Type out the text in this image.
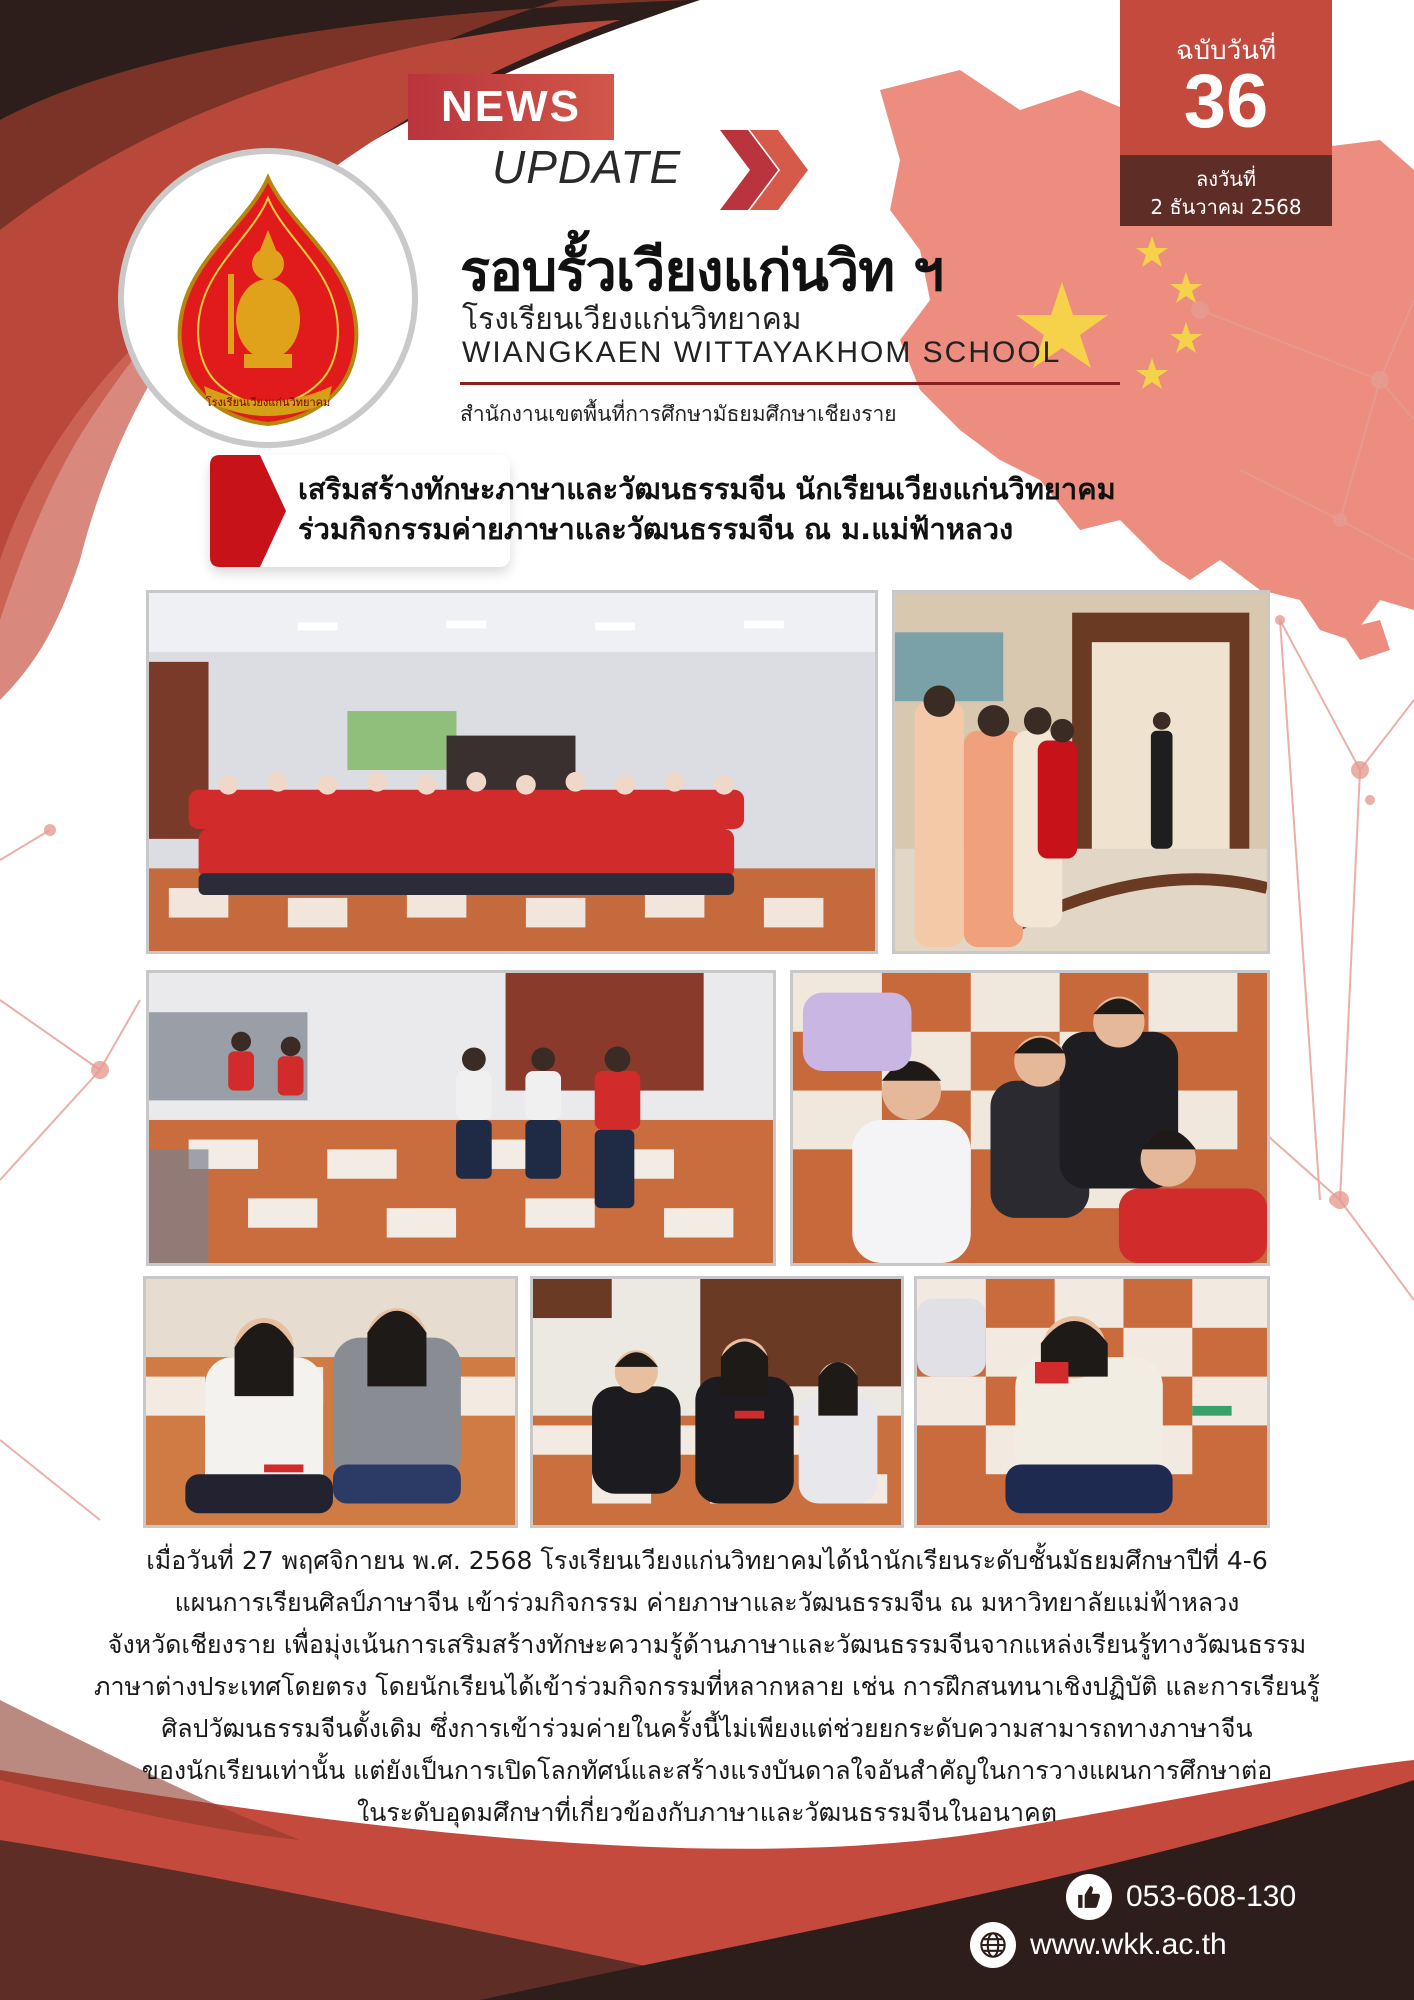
NEWS
UPDATE
โรงเรียนเวียงแก่นวิทยาคม
ฉบับวันที่
36
ลงวันที่
2 ธันวาคม 2568
รอบรั้วเวียงแก่นวิท ฯ
โรงเรียนเวียงแก่นวิทยาคม
WIANGKAEN WITTAYAKHOM SCHOOL
สำนักงานเขตพื้นที่การศึกษามัธยมศึกษาเชียงราย
เสริมสร้างทักษะภาษาและวัฒนธรรมจีน นักเรียนเวียงแก่นวิทยาคม
ร่วมกิจกรรมค่ายภาษาและวัฒนธรรมจีน ณ ม.แม่ฟ้าหลวง
เมื่อวันที่ 27 พฤศจิกายน พ.ศ. 2568 โรงเรียนเวียงแก่นวิทยาคมได้นำนักเรียนระดับชั้นมัธยมศึกษาปีที่ 4-6
แผนการเรียนศิลป์ภาษาจีน เข้าร่วมกิจกรรม ค่ายภาษาและวัฒนธรรมจีน ณ มหาวิทยาลัยแม่ฟ้าหลวง
จังหวัดเชียงราย เพื่อมุ่งเน้นการเสริมสร้างทักษะความรู้ด้านภาษาและวัฒนธรรมจีนจากแหล่งเรียนรู้ทางวัฒนธรรม
ภาษาต่างประเทศโดยตรง โดยนักเรียนได้เข้าร่วมกิจกรรมที่หลากหลาย เช่น การฝึกสนทนาเชิงปฏิบัติ และการเรียนรู้
ศิลปวัฒนธรรมจีนดั้งเดิม ซึ่งการเข้าร่วมค่ายในครั้งนี้ไม่เพียงแต่ช่วยยกระดับความสามารถทางภาษาจีน
ของนักเรียนเท่านั้น แต่ยังเป็นการเปิดโลกทัศน์และสร้างแรงบันดาลใจอันสำคัญในการวางแผนการศึกษาต่อ
ในระดับอุดมศึกษาที่เกี่ยวข้องกับภาษาและวัฒนธรรมจีนในอนาคต
053-608-130
www.wkk.ac.th
